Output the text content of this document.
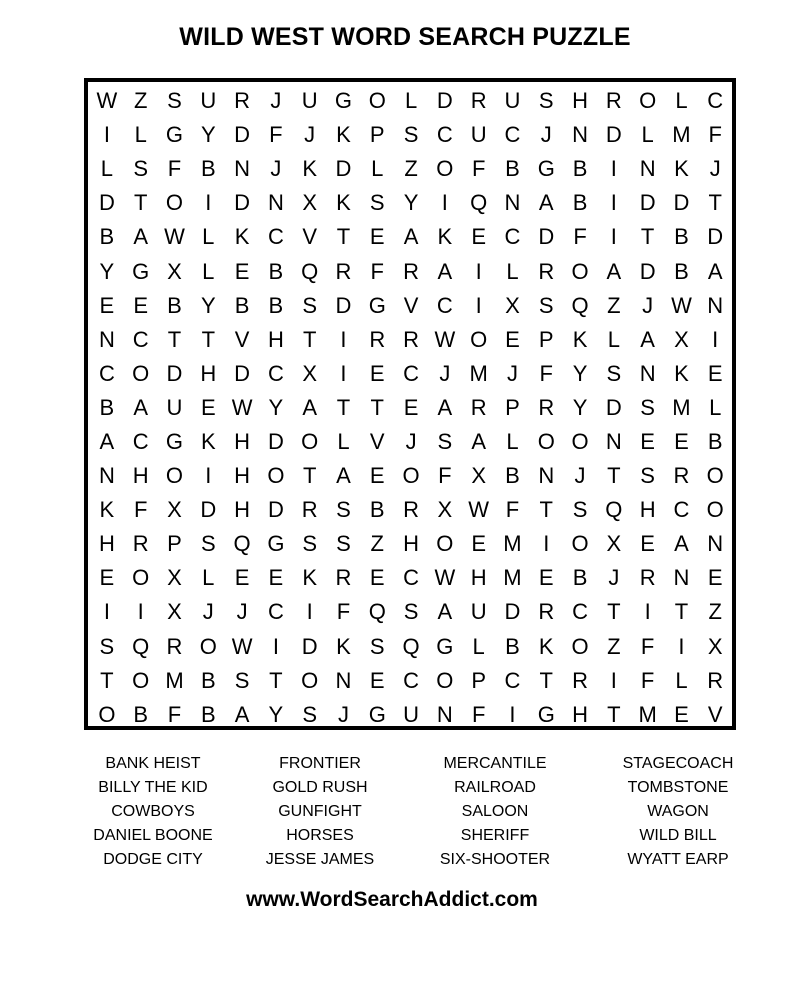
WILD WEST WORD SEARCH PUZZLE
W Z S U R J U G O L D R U S H R O L C
I	L G Y D F J K P S C U C J N D L M F
L S F B N J K D L Z O F B G B	I	N K J
D T O	I	D N X K S Y	I	Q N A B	I	D D T
B A W L K C V T E A K E C D F	I	T B D
Y G X L E B Q R F R A	I	L R O A D B A
E E B Y B B S D G V C	I	X S Q Z J W N
N C T T V H T	I	R R W O E P K L A X	I
C O D H D C X	I	E C J M J F Y S N K E
B A U E W Y A T T E A R P R Y D S M L
A C G K H D O L V J S A L O O N E E B
N H O	I	H O T A E O F X B N J T S R O
K F X D H D R S B R X W F T S Q H C O
H R P S Q G S S Z H O E M I	O X E A N
E O X L E E K R E C W H M E B J R N E
I	I	X J	J C	I	F Q S A U D R C T	I	T Z
S Q R O W I	D K S Q G L B K O Z F	I	X
T O M B S T O N E C O P C T R	I	F L R
O B F B A Y S J G U N F	I	G H T M E V
BANK HEIST
BILLY THE KID
COWBOYS
DANIEL BOONE
DODGE CITY
FRONTIER
GOLD RUSH
GUNFIGHT
HORSES
JESSE JAMES
MERCANTILE
RAILROAD
SALOON
SHERIFF
SIX-SHOOTER
STAGECOACH
TOMBSTONE
WAGON
WILD BILL
WYATT EARP
www.WordSearchAddict.com
